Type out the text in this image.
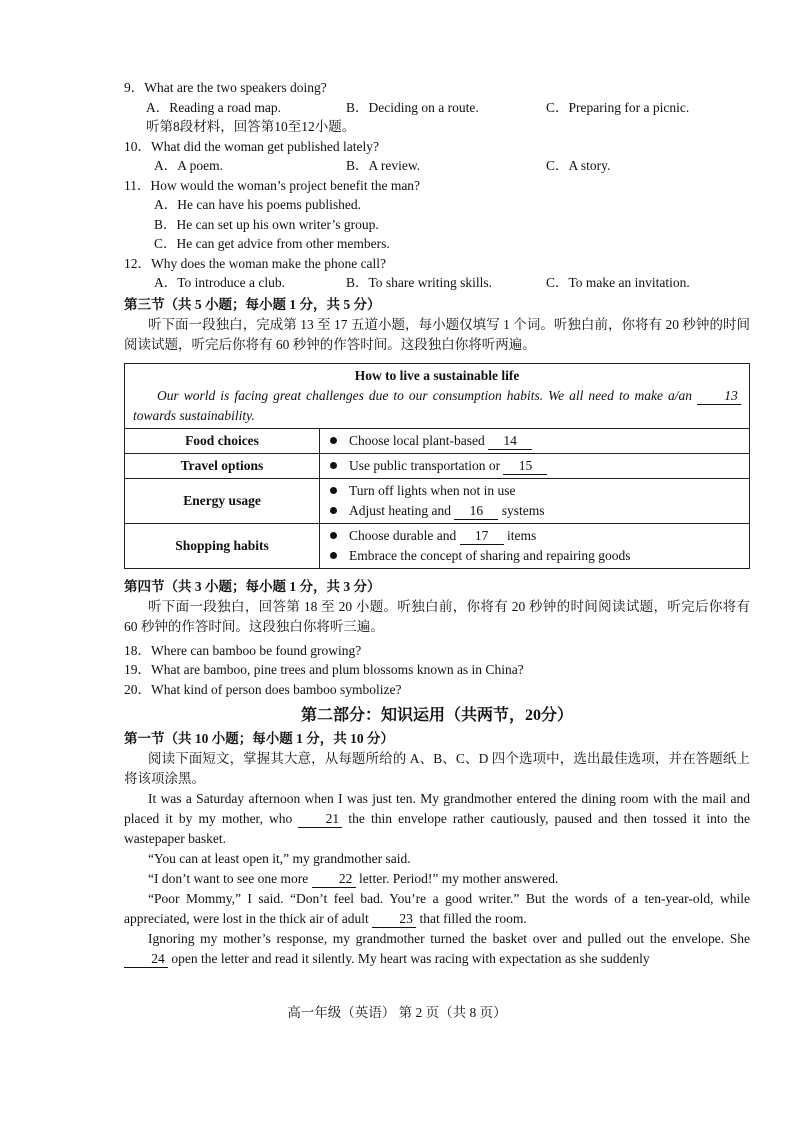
9．What are the two speakers doing?
A．Reading a road map.	B．Deciding on a route.	C．Preparing for a picnic.
听第8段材料，回答第10至12小题。
10．What did the woman get published lately?
A．A poem.	B．A review.	C．A story.
11．How would the woman’s project benefit the man?
A．He can have his poems published.
B．He can set up his own writer’s group.
C．He can get advice from other members.
12．Why does the woman make the phone call?
A．To introduce a club.	B．To share writing skills.	C．To make an invitation.
第三节（共 5 小题；每小题 1 分，共 5 分）
听下面一段独白，完成第 13 至 17 五道小题，每小题仅填写 1 个词。听独白前，你将有 20 秒钟的时间阅读试题，听完后你将有 60 秒钟的作答时间。这段独白你将听两遍。
How to live a sustainable life
Our world is facing great challenges due to our consumption habits. We all need to make a/an 13 towards sustainability.	

Food choices	Choose local plant-based 14

Travel options	Use public transportation or 15

Energy usage	Turn off lights when not in use
Adjust heating and 16 systems

Shopping habits	Choose durable and 17 items
Embrace the concept of sharing and repairing goods
第四节（共 3 小题；每小题 1 分，共 3 分）
听下面一段独白，回答第 18 至 20 小题。听独白前，你将有 20 秒钟的时间阅读试题，听完后你将有 60 秒钟的作答时间。这段独白你将听三遍。
18．Where can bamboo be found growing?
19．What are bamboo, pine trees and plum blossoms known as in China?
20．What kind of person does bamboo symbolize?
第二部分：知识运用（共两节，20分）
第一节（共 10 小题；每小题 1 分，共 10 分）
阅读下面短文，掌握其大意，从每题所给的 A、B、C、D 四个选项中，选出最佳选项，并在答题纸上将该项涂黑。
It was a Saturday afternoon when I was just ten. My grandmother entered the dining room with the mail and placed it by my mother, who 21 the thin envelope rather cautiously, paused and then tossed it into the wastepaper basket.
“You can at least open it,” my grandmother said.
“I don’t want to see one more 22 letter. Period!” my mother answered.
“Poor Mommy,” I said. “Don’t feel bad. You’re a good writer.” But the words of a ten-year-old, while appreciated, were lost in the thick air of adult 23 that filled the room.
Ignoring my mother’s response, my grandmother turned the basket over and pulled out the envelope. She 24 open the letter and read it silently. My heart was racing with expectation as she suddenly
高一年级（英语） 第 2 页（共 8 页）
